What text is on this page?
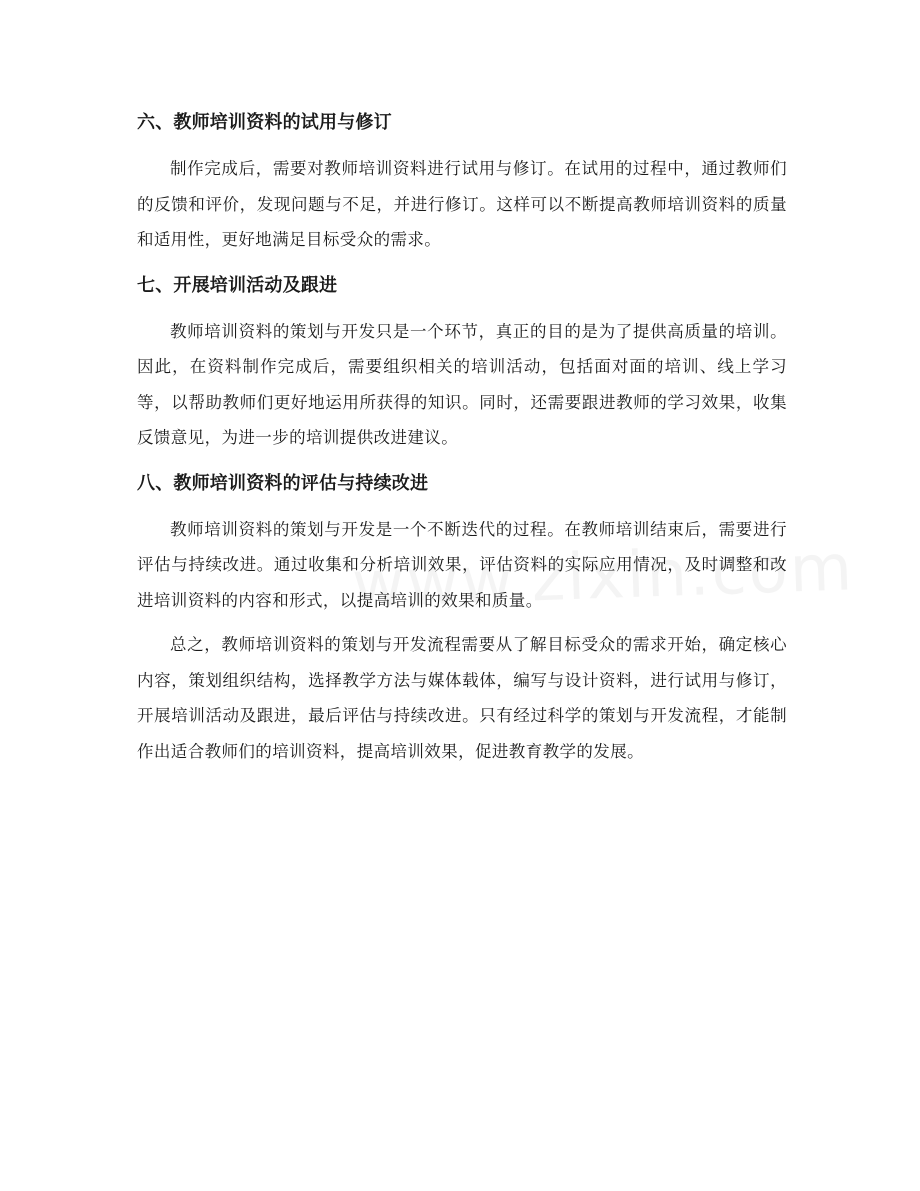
六、教师培训资料的试用与修订

制作完成后，需要对教师培训资料进行试用与修订。在试用的过程中，通过教师们的反馈和评价，发现问题与不足，并进行修订。这样可以不断提高教师培训资料的质量和适用性，更好地满足目标受众的需求。

七、开展培训活动及跟进

教师培训资料的策划与开发只是一个环节，真正的目的是为了提供高质量的培训。因此，在资料制作完成后，需要组织相关的培训活动，包括面对面的培训、线上学习等，以帮助教师们更好地运用所获得的知识。同时，还需要跟进教师的学习效果，收集反馈意见，为进一步的培训提供改进建议。

八、教师培训资料的评估与持续改进

教师培训资料的策划与开发是一个不断迭代的过程。在教师培训结束后，需要进行评估与持续改进。通过收集和分析培训效果，评估资料的实际应用情况，及时调整和改进培训资料的内容和形式，以提高培训的效果和质量。

总之，教师培训资料的策划与开发流程需要从了解目标受众的需求开始，确定核心内容，策划组织结构，选择教学方法与媒体载体，编写与设计资料，进行试用与修订，开展培训活动及跟进，最后评估与持续改进。只有经过科学的策划与开发流程，才能制作出适合教师们的培训资料，提高培训效果，促进教育教学的发展。
